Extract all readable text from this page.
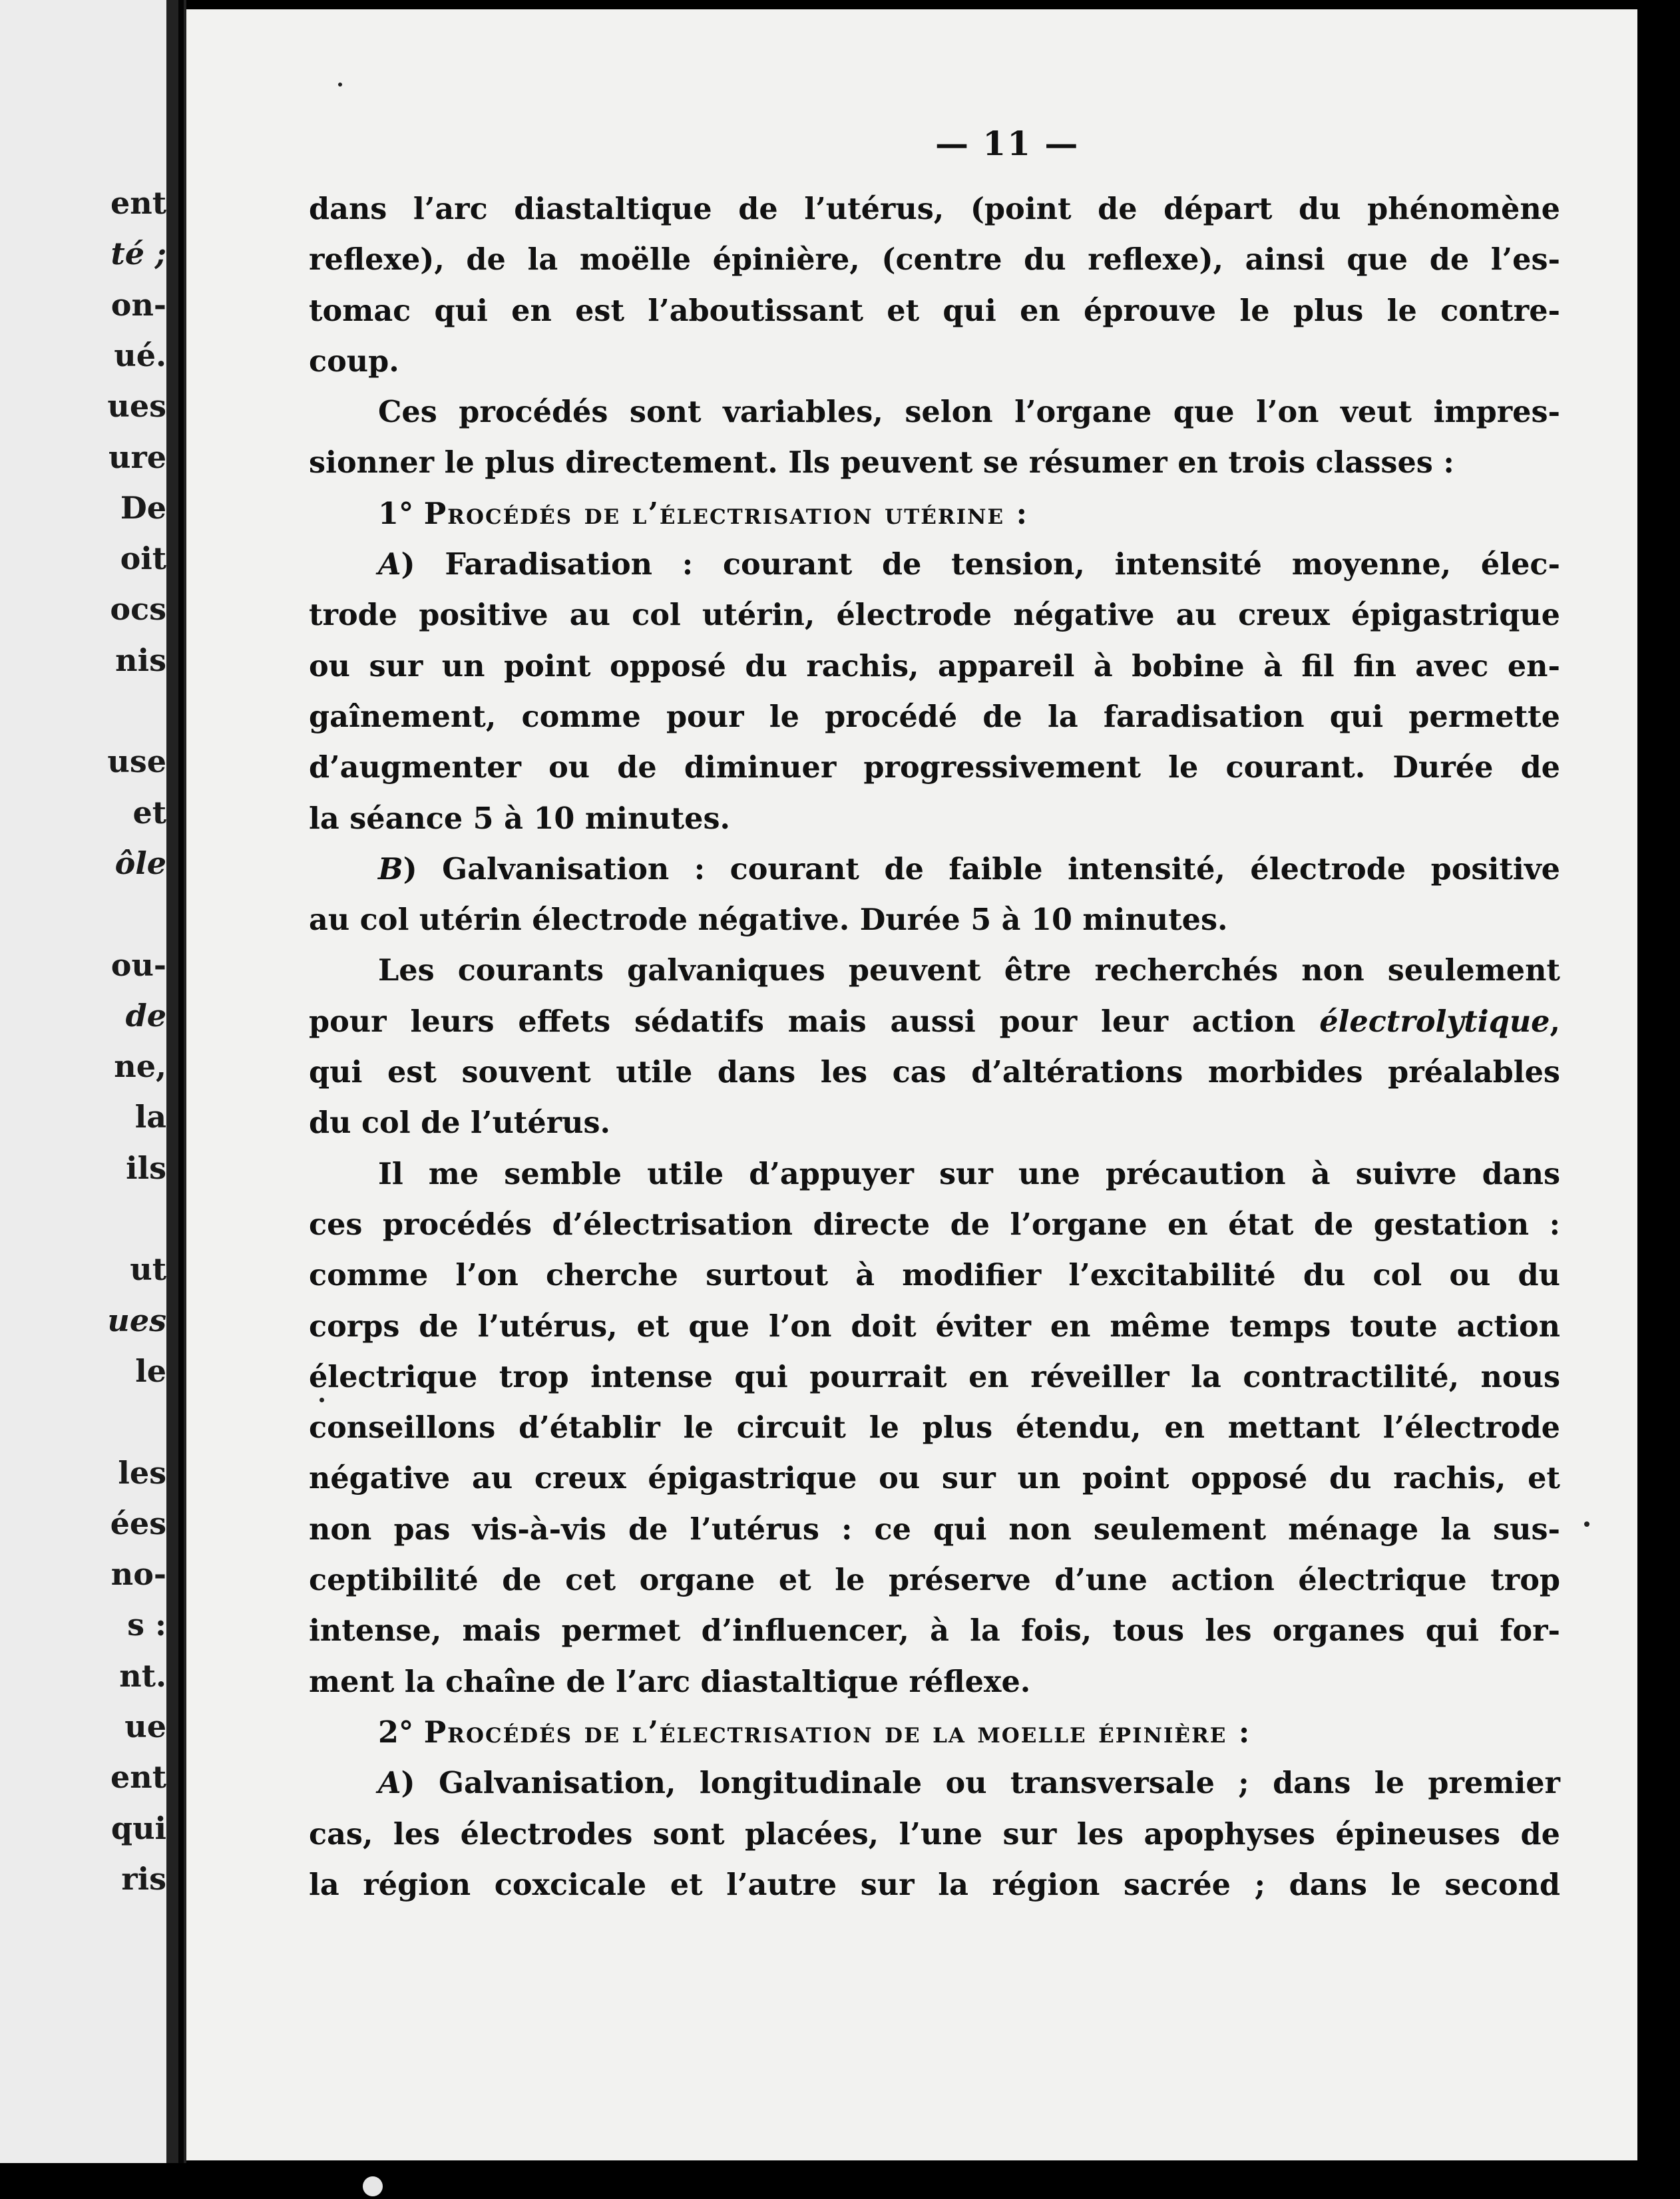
ent
té ;
on-
ué.
ues
ure
De
oit
ocs
nis
use
et
ôle
ou-
de
ne,
la
ils
ut
ues
le
les
ées
no-
s :
nt.
ue
ent
qui
ris
— 11 —

dans l’arc diastaltique de l’utérus, (point de départ du phénomène

reflexe), de la moëlle épinière, (centre du reflexe), ainsi que de l’es-

tomac qui en est l’aboutissant et qui en éprouve le plus le contre-

coup.

Ces procédés sont variables, selon l’organe que l’on veut impres-

sionner le plus directement. Ils peuvent se résumer en trois classes :

1° Procédés de l’électrisation utérine :

A) Faradisation : courant de tension, intensité moyenne, élec-

trode positive au col utérin, électrode négative au creux épigastrique

ou sur un point opposé du rachis, appareil à bobine à fil fin avec en-

gaînement, comme pour le procédé de la faradisation qui permette

d’augmenter ou de diminuer progressivement le courant. Durée de

la séance 5 à 10 minutes.

B) Galvanisation : courant de faible intensité, électrode positive

au col utérin électrode négative. Durée 5 à 10 minutes.

Les courants galvaniques peuvent être recherchés non seulement

pour leurs effets sédatifs mais aussi pour leur action électrolytique,

qui est souvent utile dans les cas d’altérations morbides préalables

du col de l’utérus.

Il me semble utile d’appuyer sur une précaution à suivre dans

ces procédés d’électrisation directe de l’organe en état de gestation :

comme l’on cherche surtout à modifier l’excitabilité du col ou du

corps de l’utérus, et que l’on doit éviter en même temps toute action

électrique trop intense qui pourrait en réveiller la contractilité, nous

conseillons d’établir le circuit le plus étendu, en mettant l’électrode

négative au creux épigastrique ou sur un point opposé du rachis, et

non pas vis-à-vis de l’utérus : ce qui non seulement ménage la sus-

ceptibilité de cet organe et le préserve d’une action électrique trop

intense, mais permet d’influencer, à la fois, tous les organes qui for-

ment la chaîne de l’arc diastaltique réflexe.

2° Procédés de l’électrisation de la moelle épinière :

A) Galvanisation, longitudinale ou transversale ; dans le premier

cas, les électrodes sont placées, l’une sur les apophyses épineuses de

la région coxcicale et l’autre sur la région sacrée ; dans le second
